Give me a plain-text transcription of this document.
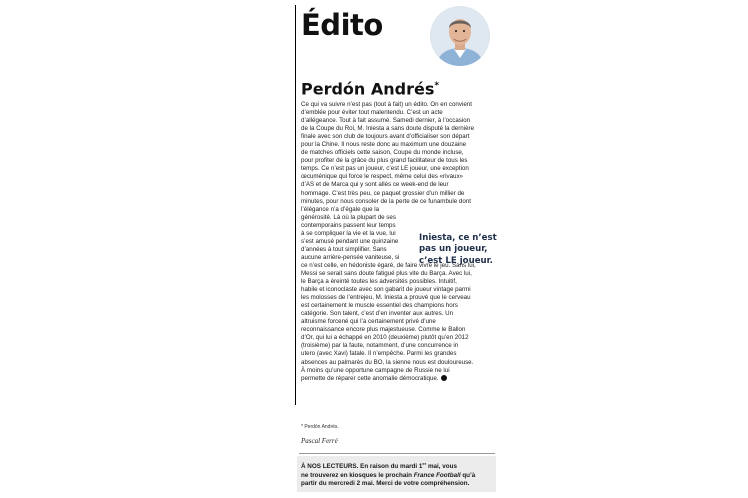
Édito
Perdón Andrés*

Ce qui va suivre n’est pas (tout à fait) un édito. On en convient
d’emblée pour éviter tout malentendu. C’est un acte
d’allégeance. Tout à fait assumé. Samedi dernier, à l’occasion
de la Coupe du Roi, M. Iniesta a sans doute disputé la dernière
finale avec son club de toujours avant d’officialiser son départ
pour la Chine. Il nous reste donc au maximum une douzaine
de matches officiels cette saison, Coupe du monde incluse,
pour profiter de la grâce du plus grand facilitateur de tous les
temps. Ce n’est pas un joueur, c’est LE joueur, une exception
œcuménique qui force le respect, même celui des «rivaux»
d’AS et de Marca qui y sont allés ce week-end de leur
hommage. C’est très peu, ce paquet grossier d’un millier de
minutes, pour nous consoler de la perte de ce funambule dont
l’élégance n’a d’égale que la
générosité. Là où la plupart de ses
contemporains passent leur temps
à se compliquer la vie et la vue, lui
s’est amusé pendant une quinzaine
d’années à tout simplifier. Sans
aucune arrière-pensée vaniteuse, si
ce n’est celle, en hédoniste égaré, de faire vivre le jeu. Sans lui,
Messi se serait sans doute fatigué plus vite du Barça. Avec lui,
le Barça a éreinté toutes les adversités possibles. Intuitif,
habile et iconoclaste avec son gabarit de joueur vintage parmi
les molosses de l’entrejeu, M. Iniesta a prouvé que le cerveau
est certainement le muscle essentiel des champions hors
catégorie. Son talent, c’est d’en inventer aux autres. Un
altruisme forcené qui l’a certainement privé d’une
reconnaissance encore plus majestueuse. Comme le Ballon
d’Or, qui lui a échappé en 2010 (deuxième) plutôt qu’en 2012
(troisième) par la faute, notamment, d’une concurrence in
utero (avec Xavi) fatale. Il n’empêche. Parmi les grandes
absences au palmarès du BO, la sienne nous est douloureuse.
À moins qu’une opportune campagne de Russie ne lui
permette de réparer cette anomalie démocratique.

Iniesta, ce n’est
pas un joueur,
c’est LE joueur.

* Perdón Andrés.
Pascal Ferré

À NOS LECTEURS. En raison du mardi 1er mai, vous
ne trouverez en kiosques le prochain France Football qu’à
partir du mercredi 2 mai. Merci de votre compréhension.
